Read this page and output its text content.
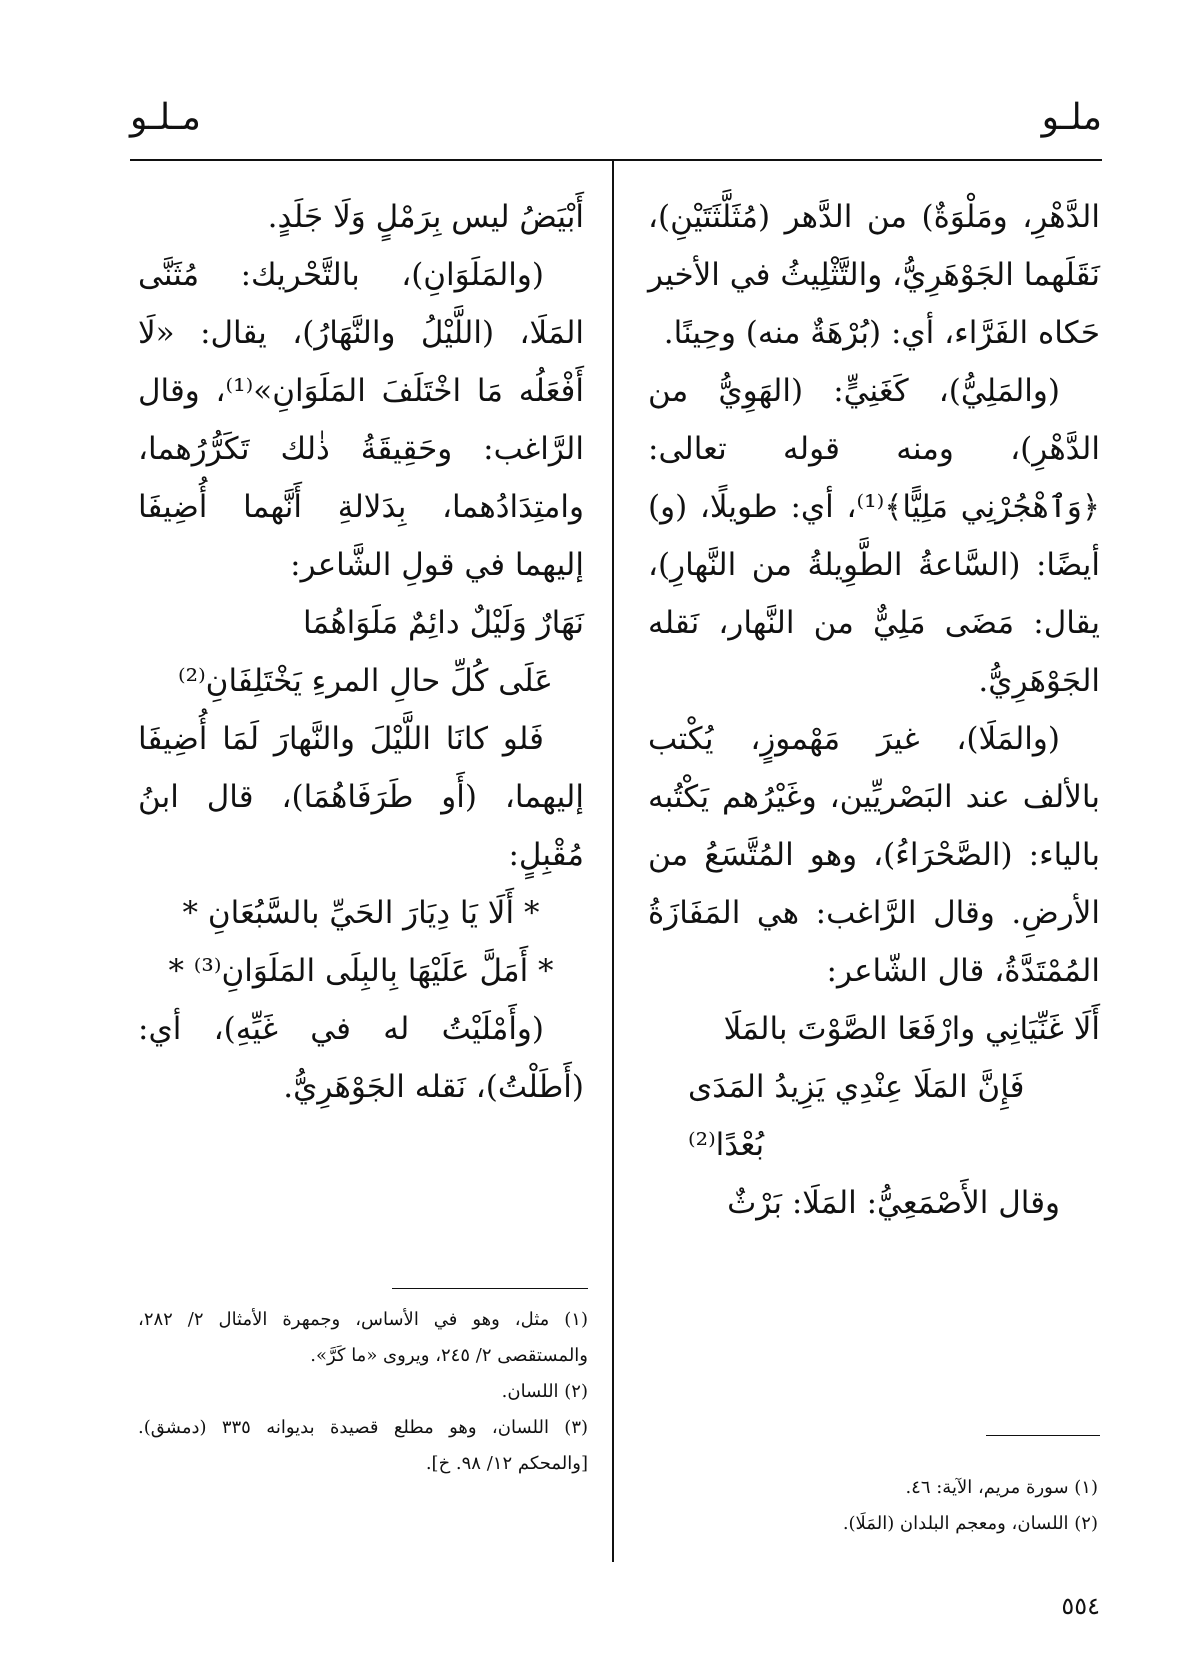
ملـو
مـلـو

الدَّهْرِ، ومَلْوَةٌ) من الدَّهر (مُثَلَّثَتَيْنِ)، نَقَلَهما الجَوْهَرِيُّ، والتَّثْلِيثُ في الأخير حَكاه الفَرَّاء، أي: (بُرْهَةٌ منه) وحِينًا.

(والمَلِيُّ)، كَغَنِيٍّ: (الهَوِيُّ من الدَّهْرِ)، ومنه قوله تعالى: ﴿وَٱهْجُرْنِي مَلِيًّا﴾⁽¹⁾، أي: طويلًا، (و) أيضًا: (السَّاعةُ الطَّوِيلةُ من النَّهارِ)، يقال: مَضَى مَلِيٌّ من النَّهار، نَقله الجَوْهَرِيُّ.

(والمَلَا)، غيرَ مَهْموزٍ، يُكْتب بالألف عند البَصْريِّين، وغَيْرُهم يَكْتُبه بالياء: (الصَّحْرَاءُ)، وهو المُتَّسَعُ من الأرضِ. وقال الرَّاغب: هي المَفَازَةُ المُمْتَدَّةُ، قال الشّاعر:

أَلَا غَنِّيَانِي وارْفَعَا الصَّوْتَ بالمَلَا

فَإِنَّ المَلَا عِنْدِي يَزِيدُ المَدَى بُعْدًا⁽²⁾

وقال الأَصْمَعِيُّ: المَلَا: بَرْثٌ

أَبْيَضُ ليس بِرَمْلٍ وَلَا جَلَدٍ.

(والمَلَوَانِ)، بالتَّحْريك: مُثَنَّى المَلَا، (اللَّيْلُ والنَّهَارُ)، يقال: «لَا أَفْعَلُه مَا اخْتَلَفَ المَلَوَانِ»⁽¹⁾، وقال الرَّاغب: وحَقِيقَةُ ذٰلك تَكَرُّرُهما، وامتِدَادُهما، بِدَلالةِ أَنَّهما أُضِيفَا إليهما في قولِ الشَّاعر:

نَهَارٌ وَلَيْلٌ دائِمٌ مَلَوَاهُمَا

عَلَى كُلِّ حالِ المرءِ يَخْتَلِفَانِ⁽²⁾

فَلو كانَا اللَّيْلَ والنَّهارَ لَمَا أُضِيفَا إليهما، (أَو طَرَفَاهُمَا)، قال ابنُ مُقْبِلٍ:

* أَلَا يَا دِيَارَ الحَيِّ بالسَّبُعَانِ *

* أَمَلَّ عَلَيْهَا بِالبِلَى المَلَوَانِ⁽³⁾ *

(وأَمْلَيْتُ له في غَيِّهِ)، أي: (أَطَلْتُ)، نَقله الجَوْهَرِيُّ.

(١) سورة مريم، الآية: ٤٦.

(٢) اللسان، ومعجم البلدان (المَلَا).

(١) مثل، وهو في الأساس، وجمهرة الأمثال ٢/ ٢٨٢، والمستقصى ٢/ ٢٤٥، ويروى «ما كَرَّ».

(٢) اللسان.

(٣) اللسان، وهو مطلع قصيدة بديوانه ٣٣٥ (دمشق). [والمحكم ١٢/ ٩٨. خ].

٥٥٤
